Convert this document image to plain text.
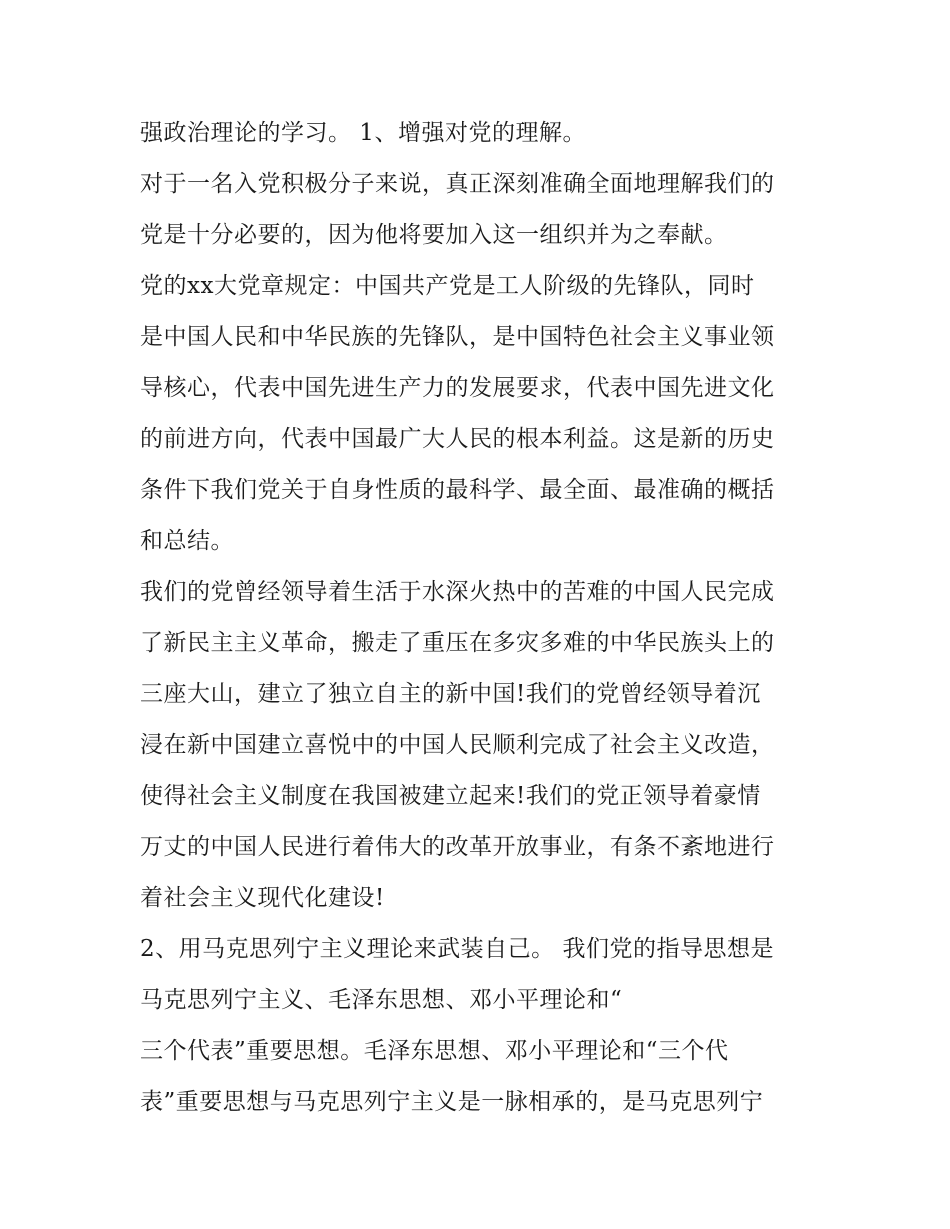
强政治理论的学习。 1、增强对党的理解。
对于一名入党积极分子来说，真正深刻准确全面地理解我们的
党是十分必要的，因为他将要加入这一组织并为之奉献。
党的xx大党章规定：中国共产党是工人阶级的先锋队，同时
是中国人民和中华民族的先锋队，是中国特色社会主义事业领
导核心，代表中国先进生产力的发展要求，代表中国先进文化
的前进方向，代表中国最广大人民的根本利益。这是新的历史
条件下我们党关于自身性质的最科学、最全面、最准确的概括
和总结。
我们的党曾经领导着生活于水深火热中的苦难的中国人民完成
了新民主主义革命，搬走了重压在多灾多难的中华民族头上的
三座大山，建立了独立自主的新中国!我们的党曾经领导着沉
浸在新中国建立喜悦中的中国人民顺利完成了社会主义改造，
使得社会主义制度在我国被建立起来!我们的党正领导着豪情
万丈的中国人民进行着伟大的改革开放事业，有条不紊地进行
着社会主义现代化建设!
2、用马克思列宁主义理论来武装自己。 我们党的指导思想是
马克思列宁主义、毛泽东思想、邓小平理论和“
三个代表”重要思想。毛泽东思想、邓小平理论和“三个代
表”重要思想与马克思列宁主义是一脉相承的，是马克思列宁
